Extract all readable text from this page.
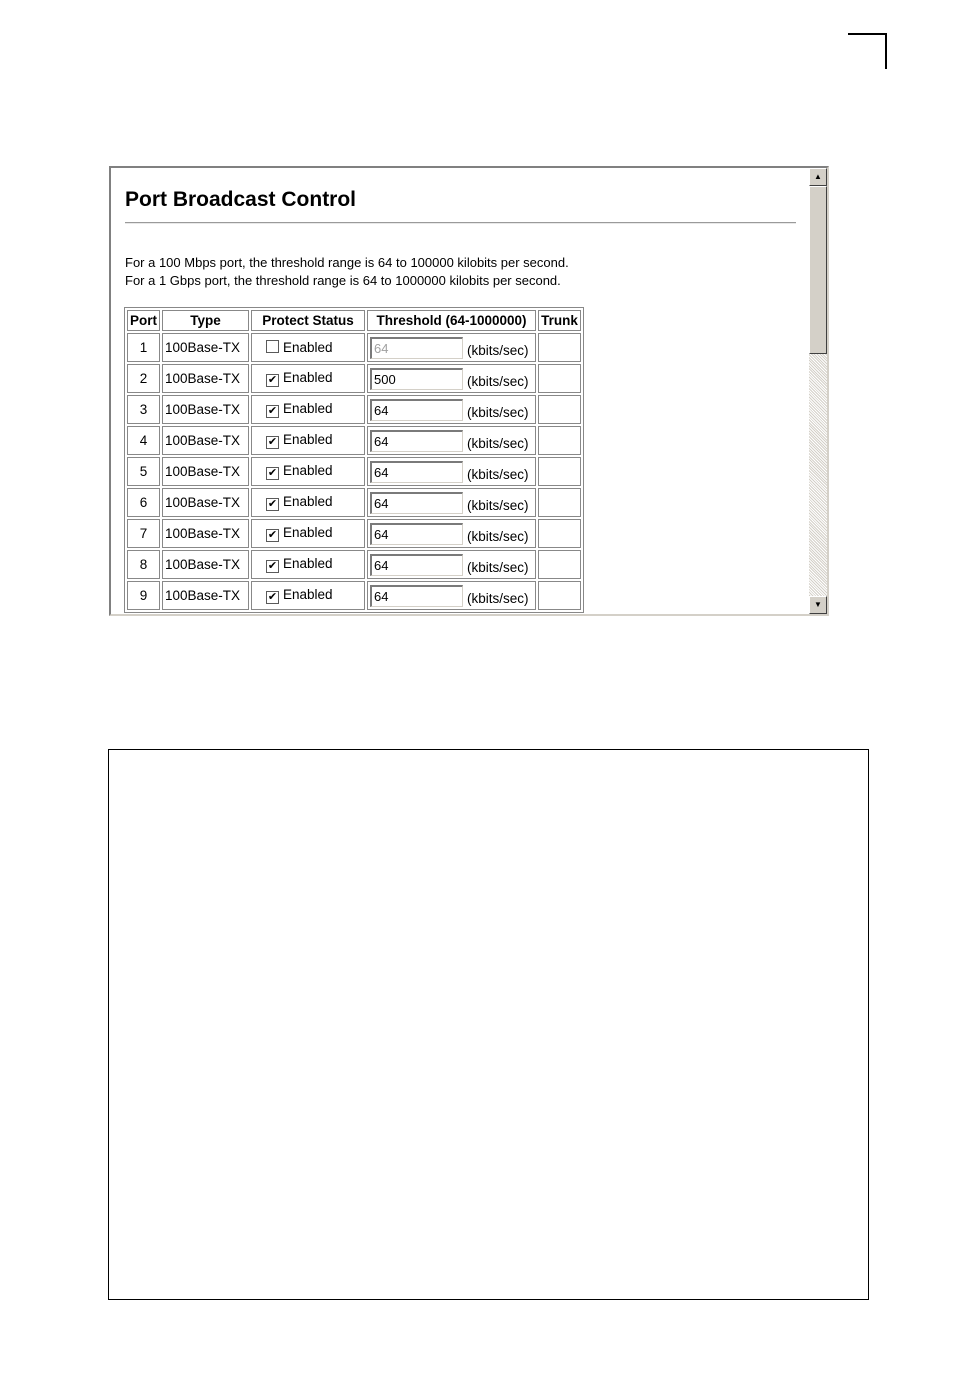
Port Broadcast Control
For a 100 Mbps port, the threshold range is 64 to 100000 kilobits per second.
For a 1 Gbps port, the threshold range is 64 to 1000000 kilobits per second.
Port	Type	Protect Status	Threshold (64-1000000)	Trunk
1	100Base-TX	Enabled	64 (kbits/sec)	
2	100Base-TX	✔ Enabled	500 (kbits/sec)	
3	100Base-TX	✔ Enabled	64 (kbits/sec)	
4	100Base-TX	✔ Enabled	64 (kbits/sec)	
5	100Base-TX	✔ Enabled	64 (kbits/sec)	
6	100Base-TX	✔ Enabled	64 (kbits/sec)	
7	100Base-TX	✔ Enabled	64 (kbits/sec)	
8	100Base-TX	✔ Enabled	64 (kbits/sec)	
9	100Base-TX	✔ Enabled	64 (kbits/sec)	
▲
▼
